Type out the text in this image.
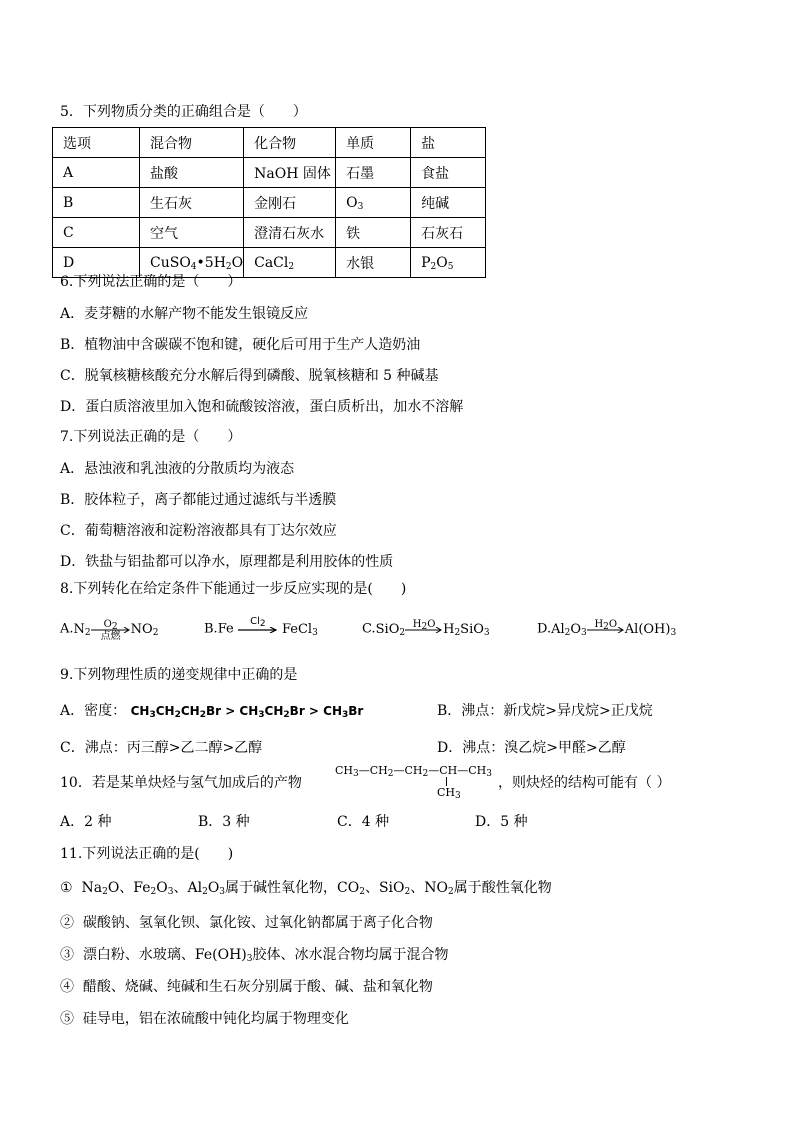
5．下列物质分类的正确组合是（　　）
选项	混合物	化合物	单质	盐
A	盐酸	NaOH 固体	石墨	食盐
B	生石灰	金刚石	$O_3$	纯碱
C	空气	澄清石灰水	铁	石灰石
D	$CuSO_4•5H_2O$	CaCl$_2$	水银	$P_2O_5$
6.下列说法正确的是（　　）
A．麦芽糖的水解产物不能发生银镜反应
B．植物油中含碳碳不饱和键，硬化后可用于生产人造奶油
C．脱氧核糖核酸充分水解后得到磷酸、脱氧核糖和 5 种碱基
D．蛋白质溶液里加入饱和硫酸铵溶液，蛋白质析出，加水不溶解
7.下列说法正确的是（　　）
A．悬浊液和乳浊液的分散质均为液态
B．胶体粒子，离子都能过通过滤纸与半透膜
C．葡萄糖溶液和淀粉溶液都具有丁达尔效应
D．铁盐与铝盐都可以净水，原理都是利用胶体的性质
8.下列转化在给定条件下能通过一步反应实现的是(　　)
$A.N_2$
$O_2$
点燃 $NO_2$	B.Fe	$Cl_2$	FeCl$_3$	C.SiO$_2$
$H_2O$ $H_2SiO_3$	$D.Al_2O_3$
$H_2O$ $Al(OH)_3$
9.下列物理性质的递变规律中正确的是
A．密度： $CH_3CH_2CH_2Br > CH_3CH_2Br > CH_3Br$	B．沸点：新戊烷>异戊烷>正戊烷
C．沸点：丙三醇>乙二醇>乙醇	D．沸点：溴乙烷>甲醛>乙醇
10．若是某单炔烃与氢气加成后的产物
$CH_3—CH_2—CH_2—CH—CH_3$
$CH_3$
，则炔烃的结构可能有（ ）
A．2 种	B．3 种	C．4 种	D．5 种
11.下列说法正确的是(　　)
① $Na_2O$、$Fe_2O_3$、$Al_2O_3$属于碱性氧化物，$CO_2$、SiO$_2$、$NO_2$属于酸性氧化物
② 碳酸钠、氢氧化钡、氯化铵、过氧化钠都属于离子化合物
③ 漂白粉、水玻璃、$Fe(OH)_3$胶体、冰水混合物均属于混合物
④ 醋酸、烧碱、纯碱和生石灰分别属于酸、碱、盐和氧化物
⑤ 硅导电，铝在浓硫酸中钝化均属于物理变化
